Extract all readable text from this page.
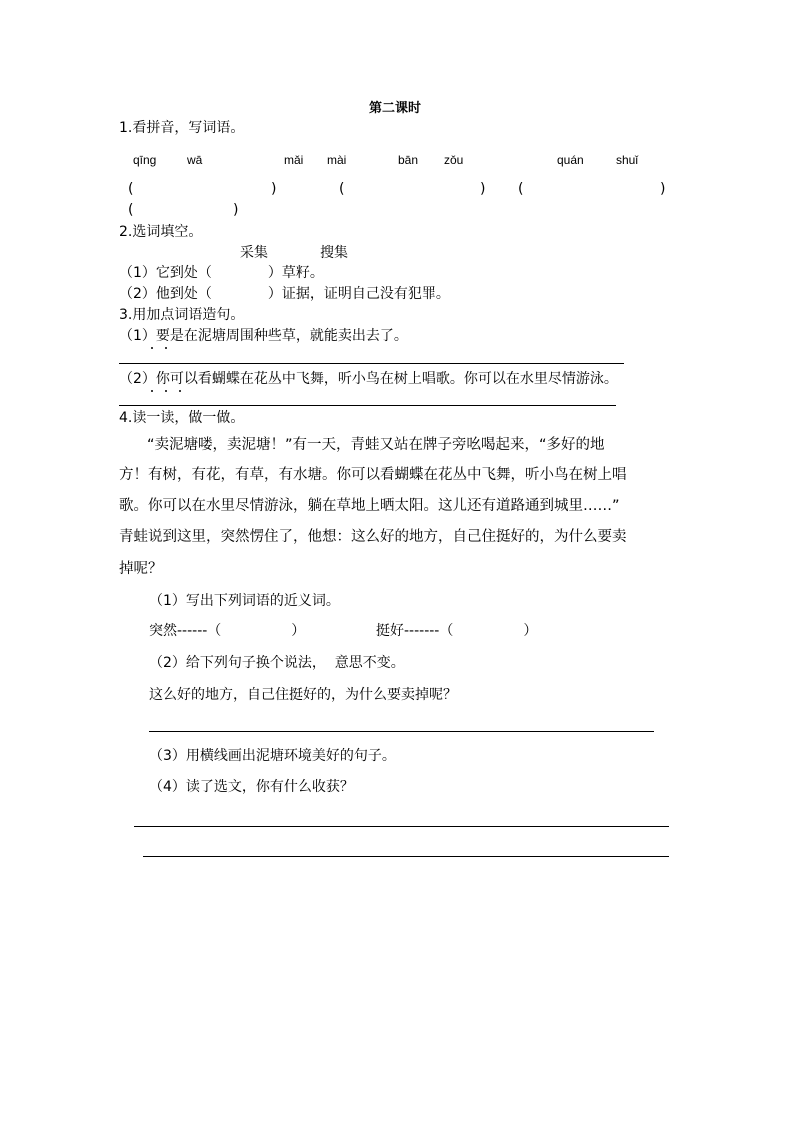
第二课时
1.看拼音，写词语。
qīng	wā	mǎi mài	bān zǒu	quán	shuǐ
(	)	(	) (	)
(	)
2.选词填空。
采集	搜集
（1）它到处（　　　　）草籽。
（2）他到处（　　　　）证据，证明自己没有犯罪。
3.用加点词语造句。
（1）要是在泥塘周围种些草，就能卖出去了。
（2）你可以看蝴蝶在花丛中飞舞，听小鸟在树上唱歌。你可以在水里尽情游泳。
4.读一读，做一做。
“卖泥塘喽，卖泥塘！”有一天，青蛙又站在牌子旁吆喝起来，“多好的地
方！有树，有花，有草，有水塘。你可以看蝴蝶在花丛中飞舞，听小鸟在树上唱
歌。你可以在水里尽情游泳，躺在草地上晒太阳。这儿还有道路通到城里……”
青蛙说到这里，突然愣住了，他想：这么好的地方，自己住挺好的，为什么要卖
掉呢？
（1）写出下列词语的近义词。
突然------（　　　　　）	挺好-------（　　　　　）
（2）给下列句子换个说法，  意思不变。
这么好的地方，自己住挺好的，为什么要卖掉呢？
（3）用横线画出泥塘环境美好的句子。
（4）读了选文，你有什么收获？
